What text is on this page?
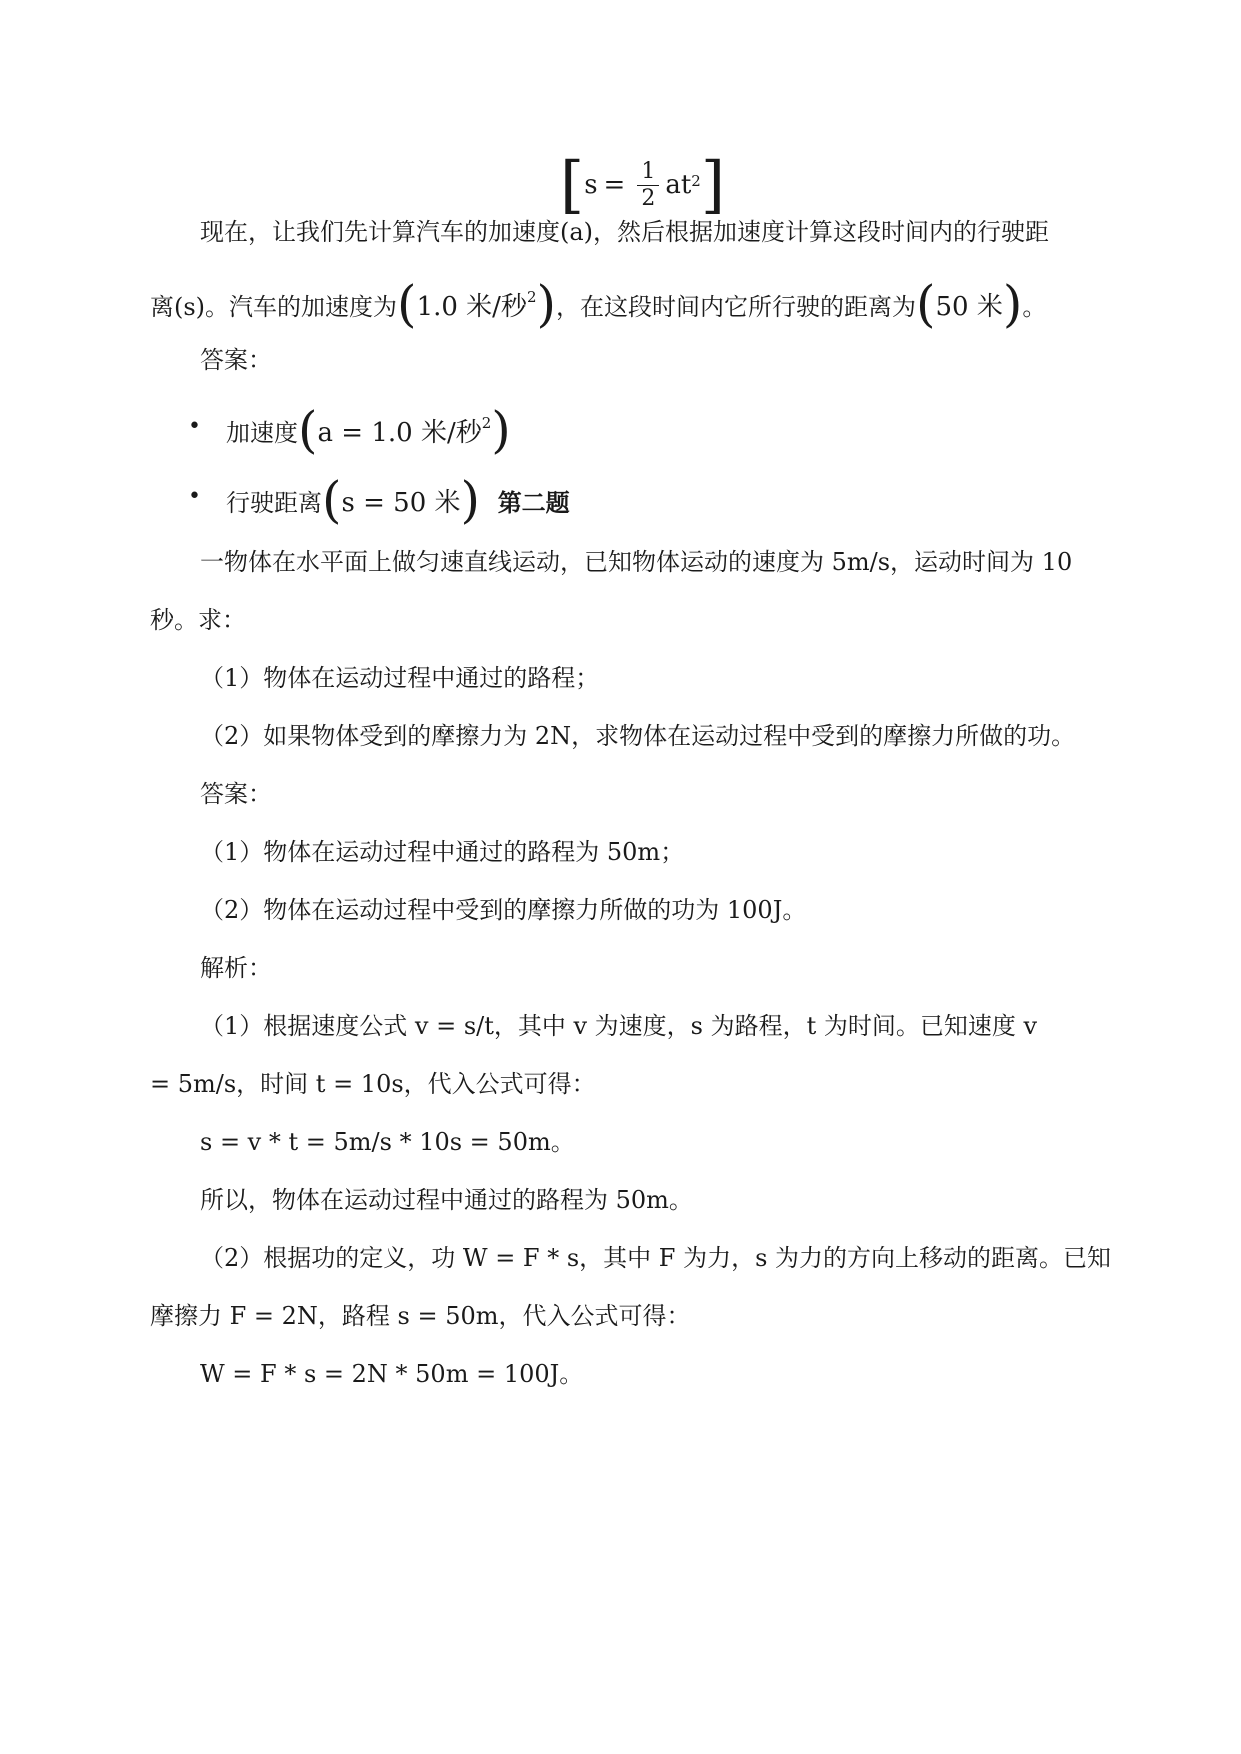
[ $s = \frac{1}{2} at^2$ ]
现在，让我们先计算汽车的加速度(a)，然后根据加速度计算这段时间内的行驶距
离(s)。汽车的加速度为(1.0 米/秒$^2$)，在这段时间内它所行驶的距离为(50 米)。
答案：
• 加速度(a = 1.0 米/秒$^2$)
• 行驶距离(s = 50 米) 第二题
一物体在水平面上做匀速直线运动，已知物体运动的速度为 5m/s，运动时间为 10
秒。求：
（1）物体在运动过程中通过的路程；
（2）如果物体受到的摩擦力为 2N，求物体在运动过程中受到的摩擦力所做的功。
答案：
（1）物体在运动过程中通过的路程为 50m；
（2）物体在运动过程中受到的摩擦力所做的功为 100J。
解析：
（1）根据速度公式 v = s/t，其中 v 为速度，s 为路程，t 为时间。已知速度 v
= 5m/s，时间 t = 10s，代入公式可得：
s = v * t = 5m/s * 10s = 50m。
所以，物体在运动过程中通过的路程为 50m。
（2）根据功的定义，功 W = F * s，其中 F 为力，s 为力的方向上移动的距离。已知
摩擦力 F = 2N，路程 s = 50m，代入公式可得：
W = F * s = 2N * 50m = 100J。
